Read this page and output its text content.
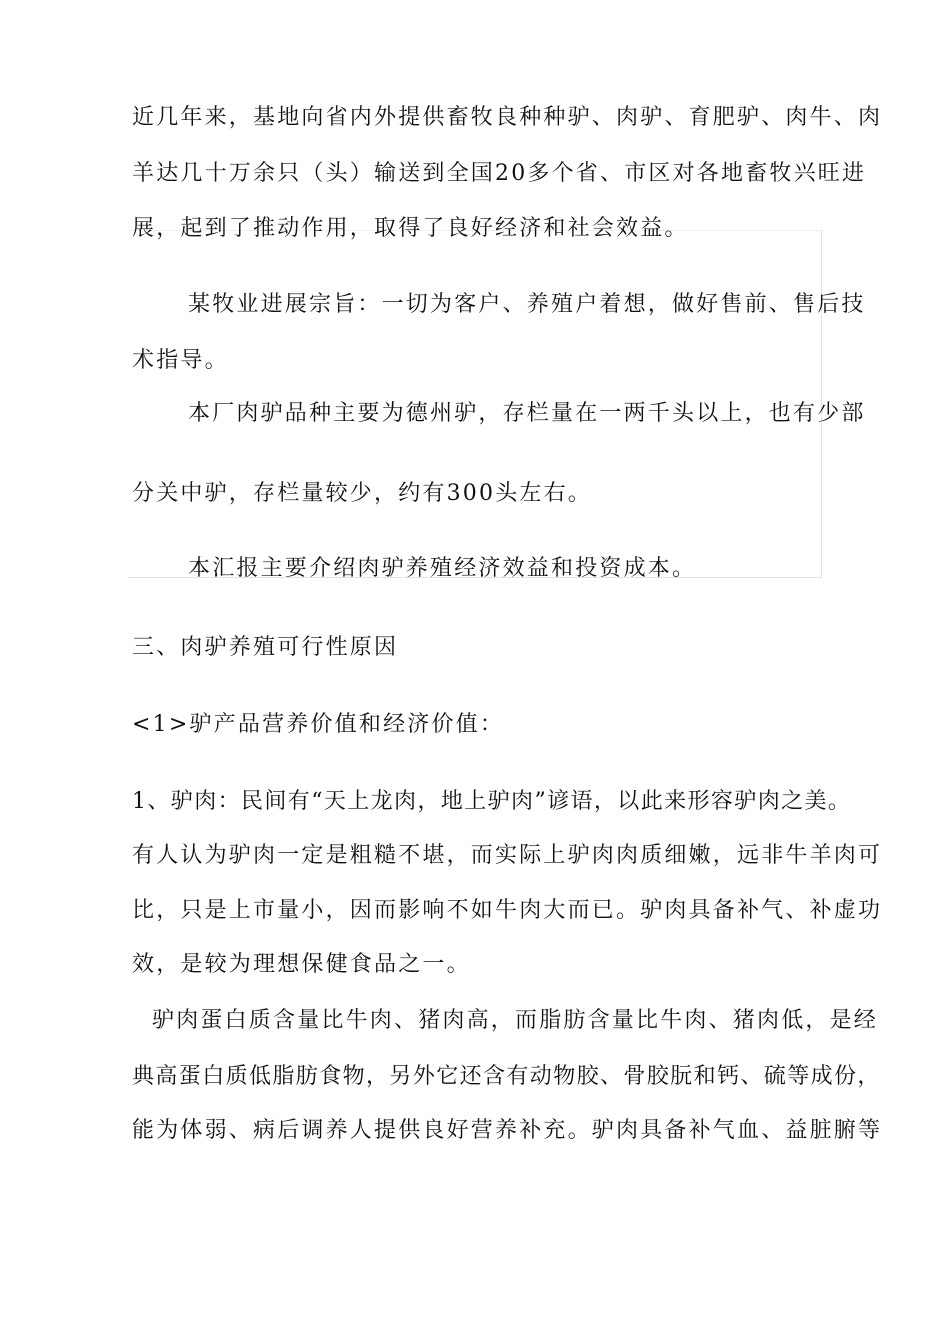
近几年来，基地向省内外提供畜牧良种种驴、肉驴、育肥驴、肉牛、肉
羊达几十万余只（头）输送到全国20多个省、市区对各地畜牧兴旺进
展，起到了推动作用，取得了良好经济和社会效益。
某牧业进展宗旨：一切为客户、养殖户着想，做好售前、售后技
术指导。
本厂肉驴品种主要为德州驴，存栏量在一两千头以上，也有少部
分关中驴，存栏量较少，约有300头左右。
本汇报主要介绍肉驴养殖经济效益和投资成本。
三、肉驴养殖可行性原因
<1>驴产品营养价值和经济价值：
1、驴肉：民间有“天上龙肉，地上驴肉”谚语，以此来形容驴肉之美。
有人认为驴肉一定是粗糙不堪，而实际上驴肉肉质细嫩，远非牛羊肉可
比，只是上市量小，因而影响不如牛肉大而已。驴肉具备补气、补虚功
效，是较为理想保健食品之一。
驴肉蛋白质含量比牛肉、猪肉高，而脂肪含量比牛肉、猪肉低，是经
典高蛋白质低脂肪食物，另外它还含有动物胶、骨胶朊和钙、硫等成份，
能为体弱、病后调养人提供良好营养补充。驴肉具备补气血、益脏腑等
